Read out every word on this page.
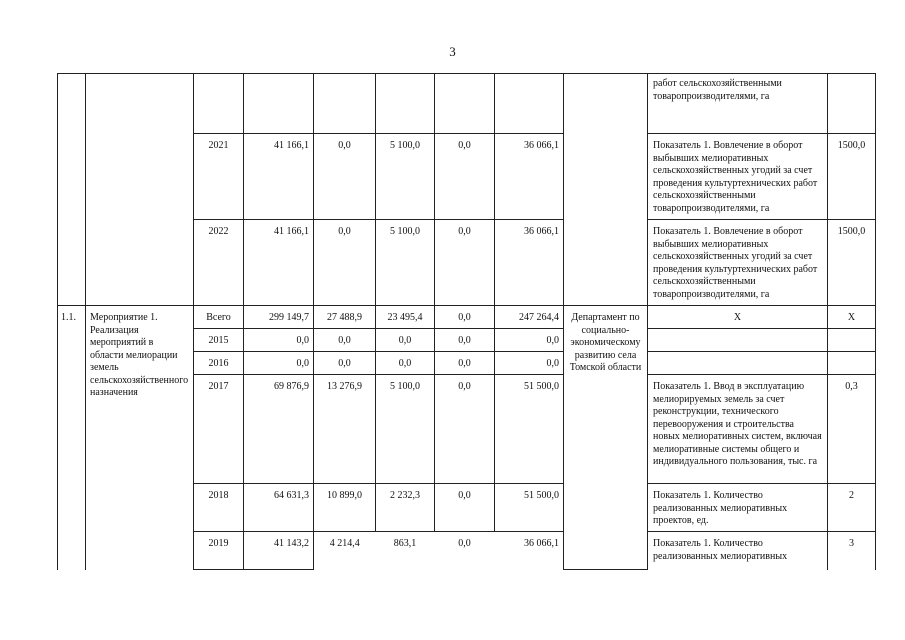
3
									работ сельскохозяйственными товаропроизводителями, га	
		2021	41 166,1	0,0	5 100,0	0,0	36 066,1		Показатель 1. Вовлечение в оборот выбывших мелиоративных сельскохозяйственных угодий за счет проведения культуртехнических работ сельскохозяйственными товаропроизводителями, га	1500,0
		2022	41 166,1	0,0	5 100,0	0,0	36 066,1		Показатель 1. Вовлечение в оборот выбывших мелиоративных сельскохозяйственных угодий за счет проведения культуртехнических работ сельскохозяйственными товаропроизводителями, га	1500,0
1.1.	Мероприятие 1. Реализация мероприятий в области мелиорации земель сельскохозяйственного назначения	Всего	299 149,7	27 488,9	23 495,4	0,0	247 264,4	Департамент по социально-экономическому развитию села Томской области	Х	Х
		2015	0,0	0,0	0,0	0,0	0,0			
		2016	0,0	0,0	0,0	0,0	0,0			
		2017	69 876,9	13 276,9	5 100,0	0,0	51 500,0		Показатель 1. Ввод в эксплуатацию мелиорируемых земель за счет реконструкции, технического перевооружения и строительства новых мелиоративных систем, включая мелиоративные системы общего и индивидуального пользования, тыс. га	0,3
		2018	64 631,3	10 899,0	2 232,3	0,0	51 500,0		Показатель 1. Количество реализованных мелиоративных проектов, ед.	2
		2019	41 143,2	4 214,4	863,1	0,0	36 066,1		Показатель 1. Количество реализованных мелиоративных	3
